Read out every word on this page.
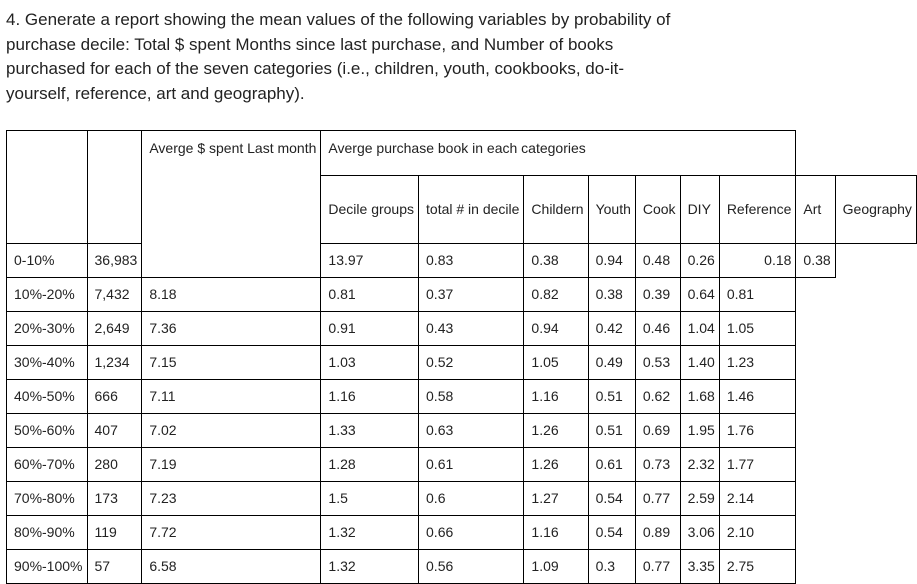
4. Generate a report showing the mean values of the following variables by probability of purchase decile: Total $ spent Months since last purchase, and Number of books purchased for each of the seven categories (i.e., children, youth, cookbooks, do-it-yourself, reference, art and geography).
		Averge $ spent Last month	Averge purchase book in each categories								
			Decile groups	total # in decile	Childern	Youth	Cook	DIY	Reference	Art	Geography
0-10%	36,983		13.97	0.83	0.38	0.94	0.48	0.26	0.18	0.38	
10%-20%	7,432	8.18	0.81	0.37	0.82	0.38	0.39	0.64	0.81		
20%-30%	2,649	7.36	0.91	0.43	0.94	0.42	0.46	1.04	1.05		
30%-40%	1,234	7.15	1.03	0.52	1.05	0.49	0.53	1.40	1.23		
40%-50%	666	7.11	1.16	0.58	1.16	0.51	0.62	1.68	1.46		
50%-60%	407	7.02	1.33	0.63	1.26	0.51	0.69	1.95	1.76		
60%-70%	280	7.19	1.28	0.61	1.26	0.61	0.73	2.32	1.77		
70%-80%	173	7.23	1.5	0.6	1.27	0.54	0.77	2.59	2.14		
80%-90%	119	7.72	1.32	0.66	1.16	0.54	0.89	3.06	2.10		
90%-100%	57	6.58	1.32	0.56	1.09	0.3	0.77	3.35	2.75		
